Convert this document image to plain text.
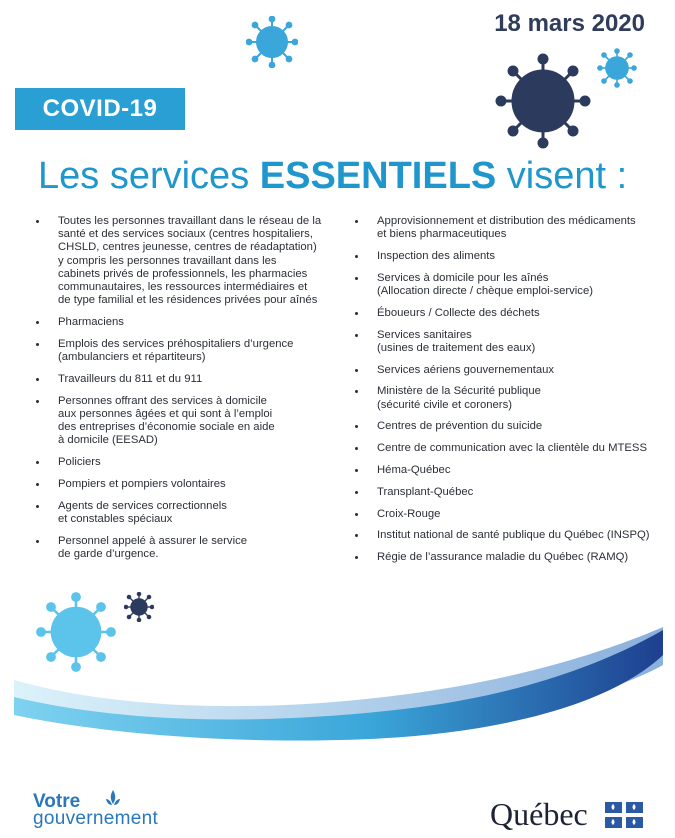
18 mars 2020
COVID-19
Les services ESSENTIELS visent :
Toutes les personnes travaillant dans le réseau de la
santé et des services sociaux (centres hospitaliers,
CHSLD, centres jeunesse, centres de réadaptation)
y compris les personnes travaillant dans les
cabinets privés de professionnels, les pharmacies
communautaires, les ressources intermédiaires et
de type familial et les résidences privées pour aînés
Pharmaciens
Emplois des services préhospitaliers d’urgence
(ambulanciers et répartiteurs)
Travailleurs du 811 et du 911
Personnes offrant des services à domicile
aux personnes âgées et qui sont à l’emploi
des entreprises d’économie sociale en aide
à domicile (EESAD)
Policiers
Pompiers et pompiers volontaires
Agents de services correctionnels
et constables spéciaux
Personnel appelé à assurer le service
de garde d’urgence.
Approvisionnement et distribution des médicaments
et biens pharmaceutiques
Inspection des aliments
Services à domicile pour les aînés
(Allocation directe / chèque emploi-service)
Éboueurs / Collecte des déchets
Services sanitaires
(usines de traitement des eaux)
Services aériens gouvernementaux
Ministère de la Sécurité publique
(sécurité civile et coroners)
Centres de prévention du suicide
Centre de communication avec la clientèle du MTESS
Héma-Québec
Transplant-Québec
Croix-Rouge
Institut national de santé publique du Québec (INSPQ)
Régie de l’assurance maladie du Québec (RAMQ)
Votre
gouvernement	Québec
